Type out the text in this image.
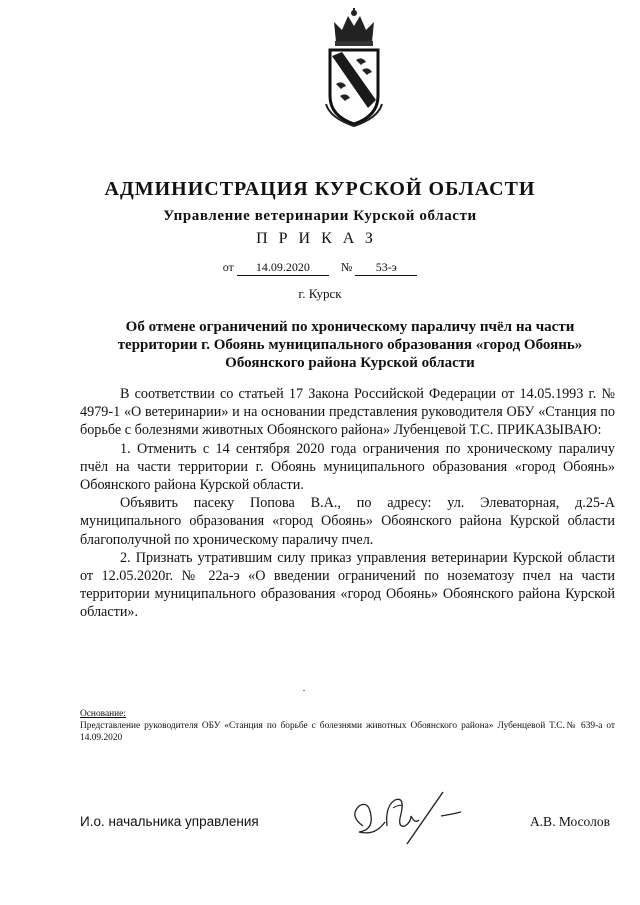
АДМИНИСТРАЦИЯ КУРСКОЙ ОБЛАСТИ
Управление ветеринарии Курской области
ПРИКАЗ
от 14.09.2020	№ 53-э
г. Курск
Об отмене ограничений по хроническому параличу пчёл на части
территории г. Обоянь муниципального образования «город Обоянь»
Обоянского района Курской области

В соответствии со статьей 17 Закона Российской Федерации от 14.05.1993 г. № 4979-1 «О ветеринарии» и на основании представления руководителя ОБУ «Станция по борьбе с болезнями животных Обоянского района» Лубенцевой Т.С. ПРИКАЗЫВАЮ:

1. Отменить с 14 сентября 2020 года ограничения по хроническому параличу пчёл на части территории г. Обоянь муниципального образования «город Обоянь» Обоянского района Курской области.

Объявить пасеку Попова В.А., по адресу: ул. Элеваторная, д.25-А муниципального образования «город Обоянь» Обоянского района Курской области благополучной по хроническому параличу пчел.

2. Признать утратившим силу приказ управления ветеринарии Курской области от 12.05.2020г. № 22а-э «О введении ограничений по нозематозу пчел на части территории муниципального образования «город Обоянь» Обоянского района Курской области».

Основание:
Представление руководителя ОБУ «Станция по борьбе с болезнями животных Обоянского района» Лубенцевой Т.С.№ 639-а от 14.09.2020
И.о. начальника управления	А.В. Мосолов
